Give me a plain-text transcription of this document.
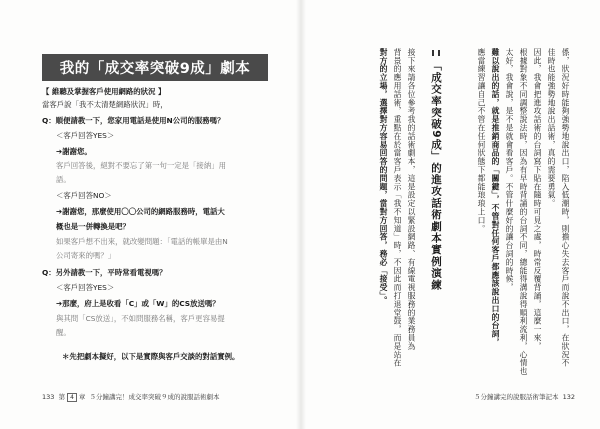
我的「成交率突破9成」劇本
【 維聽及掌握客戶使用網路的狀況 】
當客戶說「我不太清楚網路狀況」時，
Q：順便請教一下，您家用電話是使用N公司的服務嗎？
＜客戶回答YES＞
➔謝謝您。
客戶回答後，絕對不要忘了第一句一定是「接納」用
語。
＜客戶回答NO＞
➔謝謝您，那麼使用〇〇公司的網路服務時，電話大
概也是一併轉換是吧？
如果客戶想不出來，就改變問題：「電話的帳單是由N
公司寄來的嗎？」
Q：另外請教一下，平時常看電視嗎？
＜客戶回答YES＞
➔那麼，府上是收看「C」或「W」的CS放送嗎？
與其問「CS放送」，不如問服務名稱，客戶更容易提
醒。
＊先把劇本擬好，以下是實際與客戶交談的對話實例。
133 第 4 章 ５分鐘講完！成交率突破９成的說服話術劇本
係，狀況好時能夠強勢地說出口，陷入低潮時，則擔心失去客戶而說不出口，在狀況不
佳時也能強勢地說出話術，真的需要勇氣。
因此，我會把進攻話術的台詞寫下貼在隨時可見之處，時常反覆背誦，這麼一來，
根據對象不同調整說法時，因為有早時背誦的台詞不同，總能得溝說得順利流利，心情也
太好，我會說，是不是就會看客戶。不管什麼好的讓台詞的時候，
難以說出的話，就是推銷商品的「關鍵」，不管對任何客戶都應該說出口的台詞，
應當練習讓自己不管在任何狀態下都能琅琅上口。
「成交率突破9成」的進攻話術劇本實例演練
接下來請各位參考我的話術劇本，這是設定以緊設網路、有線電視服務的業務員為
背景的應用話術，重點在於當客戶表示「我不知道」時，不因此而打退堂鼓，而是站在
對方的立場，選擇對方容易回答的問題，當對方回答，務必「接受」。
５分鐘講完的說服話術筆記本 132
